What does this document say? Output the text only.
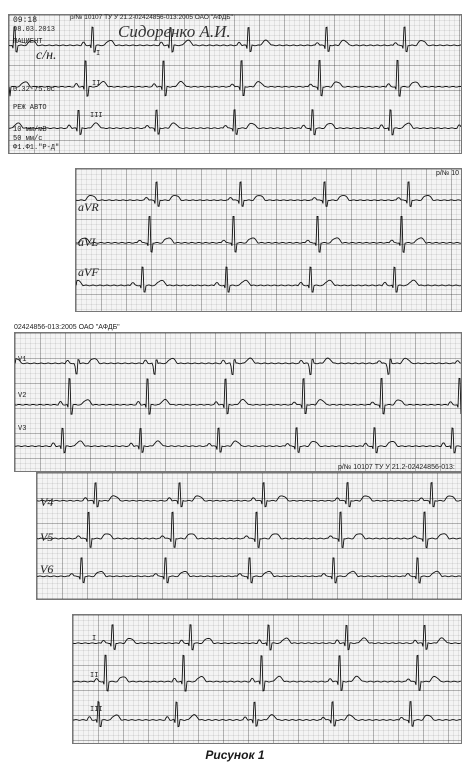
09:18
08.03.2013
р/№ 10107 ТУ У 21.2-02424856-013:2005 ОАО "АФДБ"
Сидоренко А.И.
ПАЦИЕНТ
с/н.
0.32-75.0с
РЕЖ АВТО
10 мм/мВ
50 мм/с
Ф1.Ф1."Р-Д"
I
II
III
р/№ 10
aVR
aVL
aVF
02424856-013:2005 ОАО "АФДБ"
V1
V2
V3
р/№ 10107 ТУ У 21.2-02424856-013:
V4
V5
V6
I
II
III
Рисунок 1
